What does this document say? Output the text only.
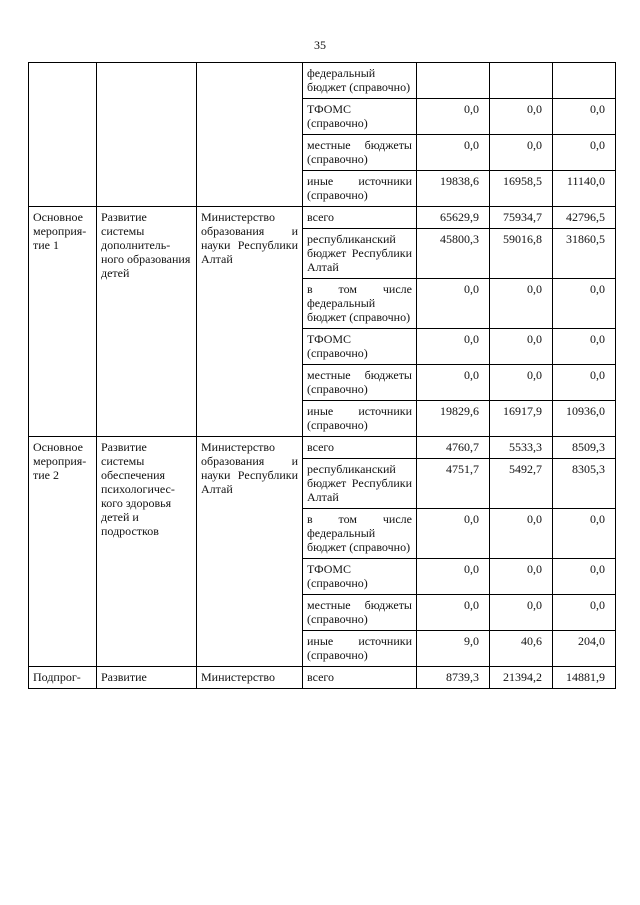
35
			федеральный бюджет (справочно)	

			ТФОМС (справочно)	0,0	0,0	0,0

			местные бюджеты (справочно)	0,0	0,0	0,0

			иные источники (справочно)	19838,6	16958,5	11140,0

Основное мероприя-тие 1	Развитие системы дополнитель-ного образования детей	Министерство образования и науки Республики Алтай	всего	65629,9	75934,7	42796,5

			республиканский бюджет Республики Алтай	45800,3	59016,8	31860,5

			в том числе федеральный бюджет (справочно)	0,0	0,0	0,0

			ТФОМС (справочно)	0,0	0,0	0,0

			местные бюджеты (справочно)	0,0	0,0	0,0

			иные источники (справочно)	19829,6	16917,9	10936,0

Основное мероприя-тие 2	Развитие системы обеспечения психологичес-кого здоровья детей и подростков	Министерство образования и науки Республики Алтай	всего	4760,7	5533,3	8509,3

			республиканский бюджет Республики Алтай	4751,7	5492,7	8305,3

			в том числе федеральный бюджет (справочно)	0,0	0,0	0,0

			ТФОМС (справочно)	0,0	0,0	0,0

			местные бюджеты (справочно)	0,0	0,0	0,0

			иные источники (справочно)	9,0	40,6	204,0

Подпрог-	Развитие	Министерство	всего	8739,3	21394,2	14881,9
